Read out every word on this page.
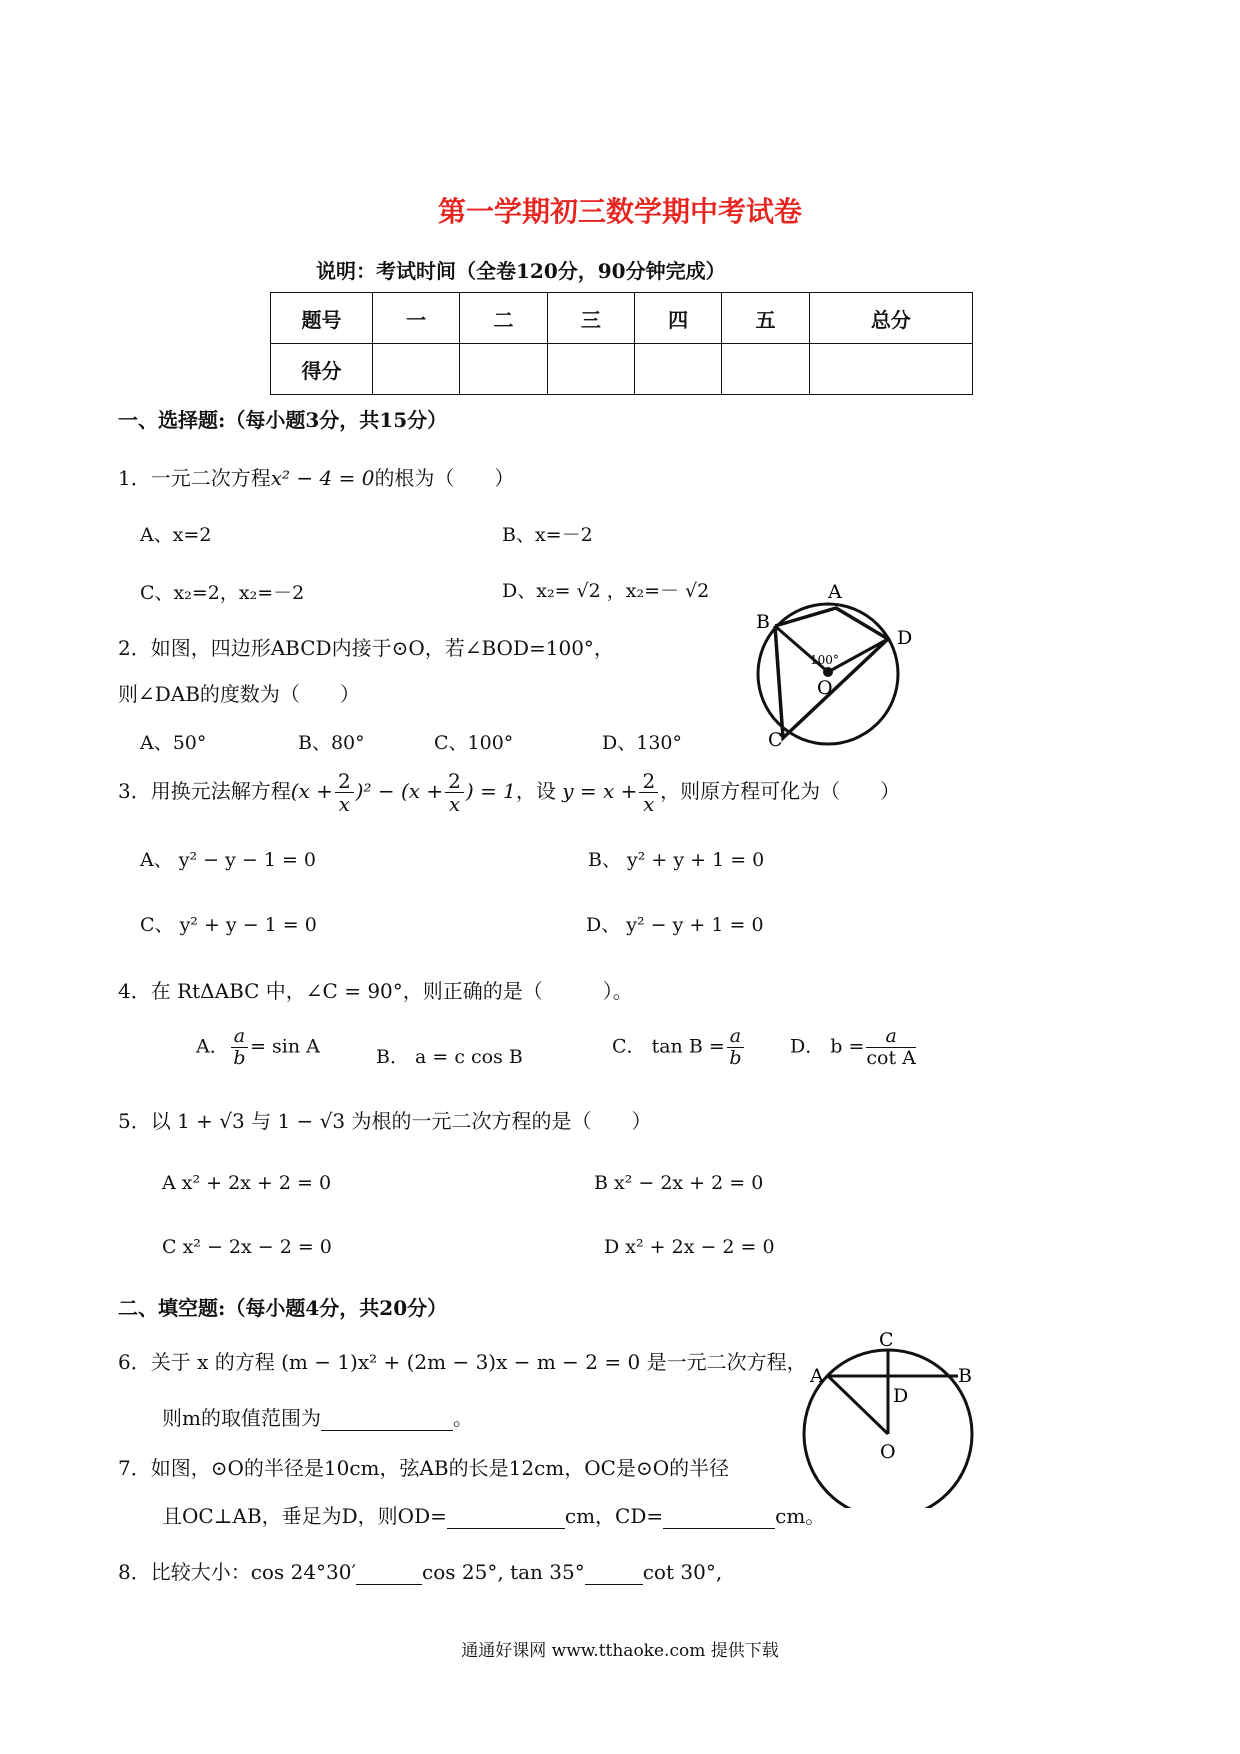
第一学期初三数学期中考试卷
说明：考试时间（全卷120分，90分钟完成）
题号	一	二	三	四	五	总分
得分						
一、选择题:（每小题3分，共15分）
1．一元二次方程x² − 4 = 0的根为（　　）
A、x=2	B、x=－2
C、x₂=2，x₂=－2	D、x₂= √2 ，x₂=－ √2
2．如图，四边形ABCD内接于⊙O，若∠BOD=100°，
则∠DAB的度数为（　　）
A、50°	B、80°	C、100°	D、130°
A
B
C
D
O
100°
3．用换元法解方程$(x + \frac{2}{x} )^2 - (x + \frac{2}{x}$ ) = 1，设 $y = x + \frac{2}{x}$ ，则原方程可化为（　　）
A、 y² − y − 1 = 0	B、 y² + y + 1 = 0
C、 y² + y − 1 = 0	D、 y² − y + 1 = 0
4．在 RtΔABC 中，∠C = 90°，则正确的是（　　　）。
A． $\frac{a}{b} = \sin A$	B． a = c cos B	C． $\tan B = \frac{a}{b}$ D． $b = \frac{a}{\text{cot A}}$
5．以 1 + √3 与 1 − √3 为根的一元二次方程的是（　　）
A x² + 2x + 2 = 0	B x² − 2x + 2 = 0
C x² − 2x − 2 = 0	D x² + 2x − 2 = 0
二、填空题:（每小题4分，共20分）
6．关于 x 的方程 (m − 1)x² + (2m − 3)x − m − 2 = 0 是一元二次方程，
则m的取值范围为	。
C
A	B
D
O
7．如图，⊙O的半径是10cm，弦AB的长是12cm，OC是⊙O的半径
且OC⊥AB，垂足为D，则OD=	cm，CD=	cm。
8．比较大小：cos 24°30′	cos 25°, tan 35°	cot 30°,
通通好课网 www.tthaoke.com 提供下载
